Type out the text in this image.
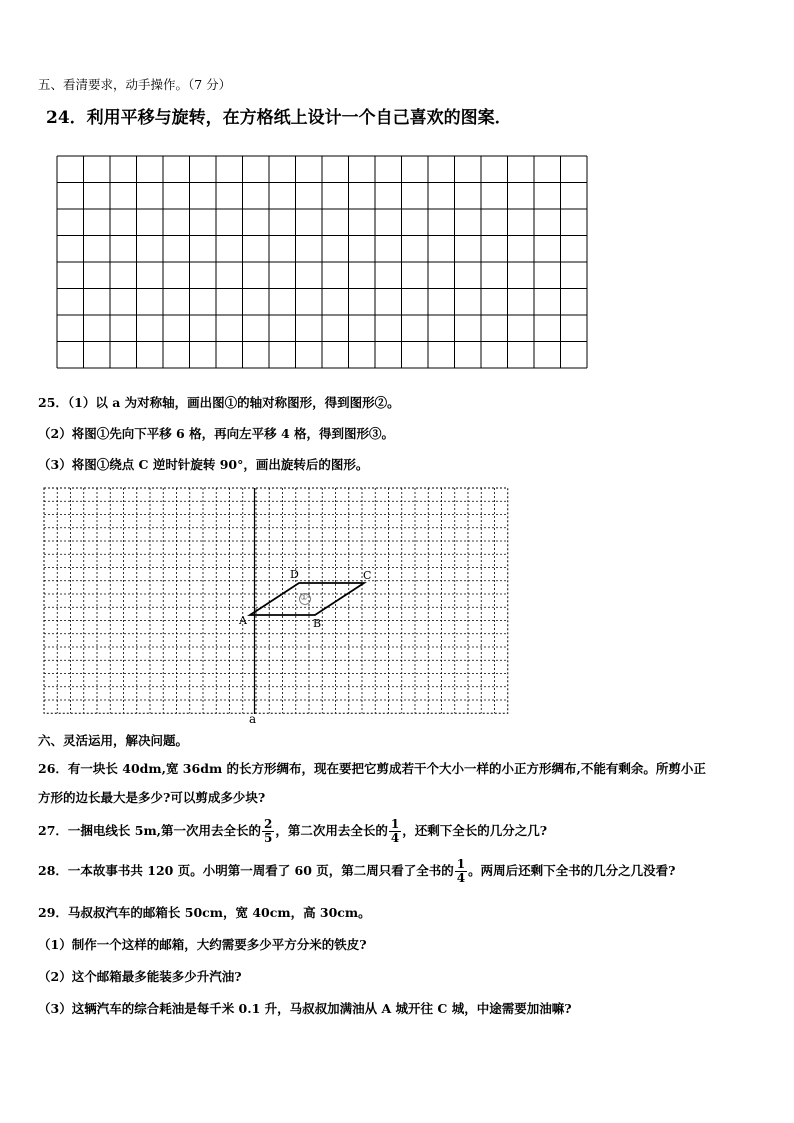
五、看清要求，动手操作。（7 分）
24．利用平移与旋转，在方格纸上设计一个自己喜欢的图案．
①
A	B
C
D
a
25．（1）以 a 为对称轴，画出图①的轴对称图形，得到图形②。
（2）将图①先向下平移 6 格，再向左平移 4 格，得到图形③。
（3）将图①绕点 C 逆时针旋转 90°，画出旋转后的图形。
六、灵活运用，解决问题。
26．有一块长 40dm,宽 36dm 的长方形绸布，现在要把它剪成若干个大小一样的小正方形绸布,不能有剩余。所剪小正
方形的边长最大是多少?可以剪成多少块?
27．一捆电线长 5m,第一次用去全长的 $\frac{2}{5}$ ，第二次用去全长的 $\frac{1}{4}$ ，还剩下全长的几分之几?
28．一本故事书共 120 页。小明第一周看了 60 页，第二周只看了全书的 $\frac{1}{4}$ 。两周后还剩下全书的几分之几没看?
29．马叔叔汽车的邮箱长 50cm，宽 40cm，高 30cm。
（1）制作一个这样的邮箱，大约需要多少平方分米的铁皮?
（2）这个邮箱最多能装多少升汽油?
（3）这辆汽车的综合耗油是每千米 0.1 升，马叔叔加满油从 A 城开往 C 城，中途需要加油嘛?
